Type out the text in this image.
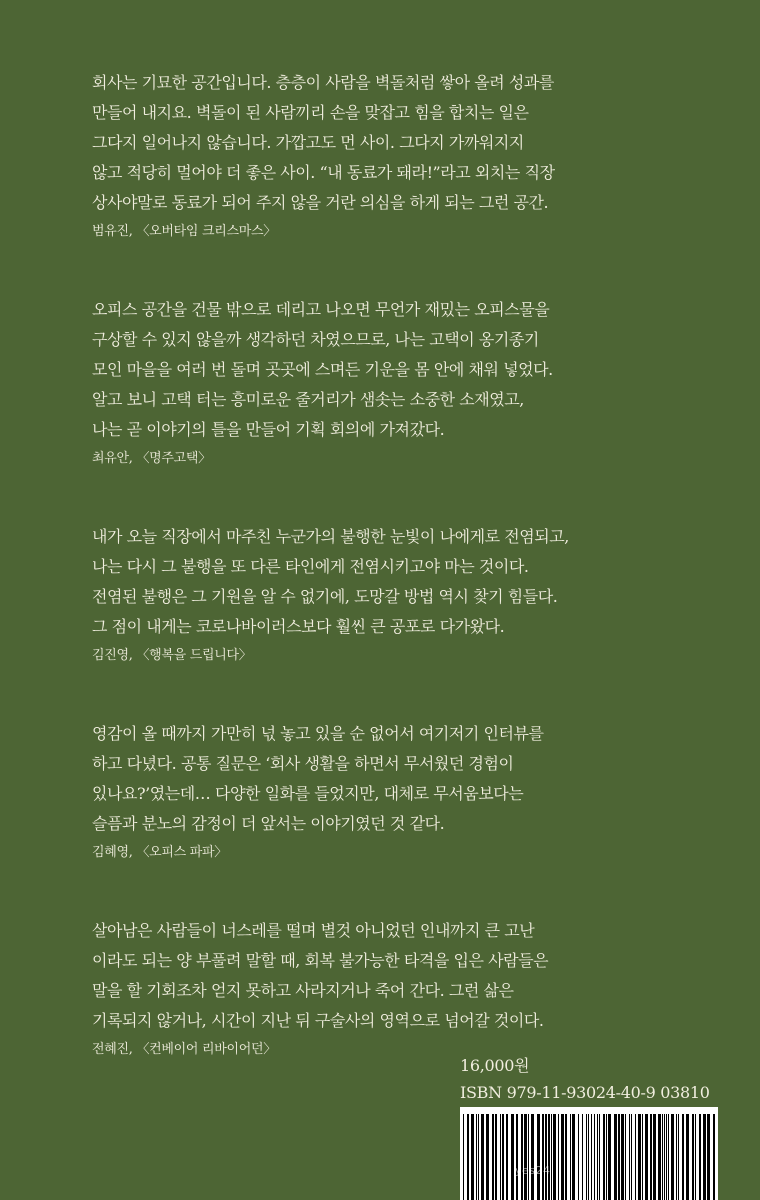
회사는 기묘한 공간입니다. 층층이 사람을 벽돌처럼 쌓아 올려 성과를
만들어 내지요. 벽돌이 된 사람끼리 손을 맞잡고 힘을 합치는 일은
그다지 일어나지 않습니다. 가깝고도 먼 사이. 그다지 가까워지지
않고 적당히 멀어야 더 좋은 사이. “내 동료가 돼라!”라고 외치는 직장
상사야말로 동료가 되어 주지 않을 거란 의심을 하게 되는 그런 공간.

범유진, 〈오버타임 크리스마스〉

오피스 공간을 건물 밖으로 데리고 나오면 무언가 재밌는 오피스물을
구상할 수 있지 않을까 생각하던 차였으므로, 나는 고택이 옹기종기
모인 마을을 여러 번 돌며 곳곳에 스며든 기운을 몸 안에 채워 넣었다.
알고 보니 고택 터는 흥미로운 줄거리가 샘솟는 소중한 소재였고,
나는 곧 이야기의 틀을 만들어 기획 회의에 가져갔다.

최유안, 〈명주고택〉

내가 오늘 직장에서 마주친 누군가의 불행한 눈빛이 나에게로 전염되고,
나는 다시 그 불행을 또 다른 타인에게 전염시키고야 마는 것이다.
전염된 불행은 그 기원을 알 수 없기에, 도망갈 방법 역시 찾기 힘들다.
그 점이 내게는 코로나바이러스보다 훨씬 큰 공포로 다가왔다.

김진영, 〈행복을 드립니다〉

영감이 올 때까지 가만히 넋 놓고 있을 순 없어서 여기저기 인터뷰를
하고 다녔다. 공통 질문은 ‘회사 생활을 하면서 무서웠던 경험이
있나요?’였는데… 다양한 일화를 들었지만, 대체로 무서움보다는
슬픔과 분노의 감정이 더 앞서는 이야기였던 것 같다.

김혜영, 〈오피스 파파〉

살아남은 사람들이 너스레를 떨며 별것 아니었던 인내까지 큰 고난
이라도 되는 양 부풀려 말할 때, 회복 불가능한 타격을 입은 사람들은
말을 할 기회조차 얻지 못하고 사라지거나 죽어 간다. 그런 삶은
기록되지 않거나, 시간이 지난 뒤 구술사의 영역으로 넘어갈 것이다.

전혜진, 〈컨베이어 리바이어던〉

16,000원
ISBN 979-11-93024-40-9 03810
yes24
